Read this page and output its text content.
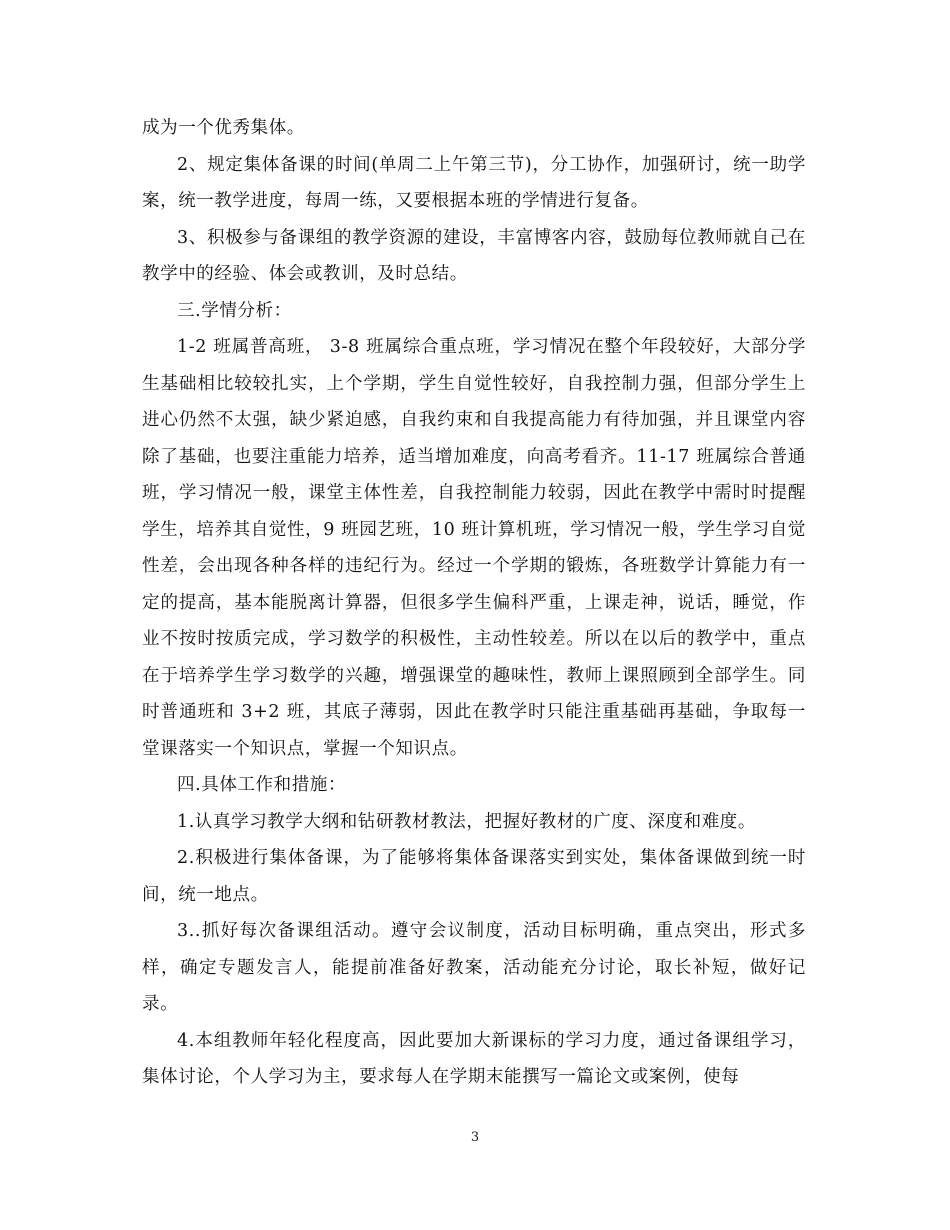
成为一个优秀集体。

2、规定集体备课的时间(单周二上午第三节)，分工协作，加强研讨，统一助学案，统一教学进度，每周一练，又要根据本班的学情进行复备。

3、积极参与备课组的教学资源的建设，丰富博客内容，鼓励每位教师就自己在教学中的经验、体会或教训，及时总结。

三.学情分析：

1-2 班属普高班， 3-8 班属综合重点班，学习情况在整个年段较好，大部分学生基础相比较较扎实，上个学期，学生自觉性较好，自我控制力强，但部分学生上进心仍然不太强，缺少紧迫感，自我约束和自我提高能力有待加强，并且课堂内容除了基础，也要注重能力培养，适当增加难度，向高考看齐。11-17 班属综合普通班，学习情况一般，课堂主体性差，自我控制能力较弱，因此在教学中需时时提醒学生，培养其自觉性，9 班园艺班，10 班计算机班，学习情况一般，学生学习自觉性差，会出现各种各样的违纪行为。经过一个学期的锻炼，各班数学计算能力有一定的提高，基本能脱离计算器，但很多学生偏科严重，上课走神，说话，睡觉，作业不按时按质完成，学习数学的积极性，主动性较差。所以在以后的教学中，重点在于培养学生学习数学的兴趣，增强课堂的趣味性，教师上课照顾到全部学生。同时普通班和 3+2 班，其底子薄弱，因此在教学时只能注重基础再基础，争取每一堂课落实一个知识点，掌握一个知识点。

四.具体工作和措施：

1.认真学习教学大纲和钻研教材教法，把握好教材的广度、深度和难度。

2.积极进行集体备课，为了能够将集体备课落实到实处，集体备课做到统一时间，统一地点。

3..抓好每次备课组活动。遵守会议制度，活动目标明确，重点突出，形式多样，确定专题发言人，能提前准备好教案，活动能充分讨论，取长补短，做好记录。

4.本组教师年轻化程度高，因此要加大新课标的学习力度，通过备课组学习，集体讨论，个人学习为主，要求每人在学期末能撰写一篇论文或案例，使每

3
